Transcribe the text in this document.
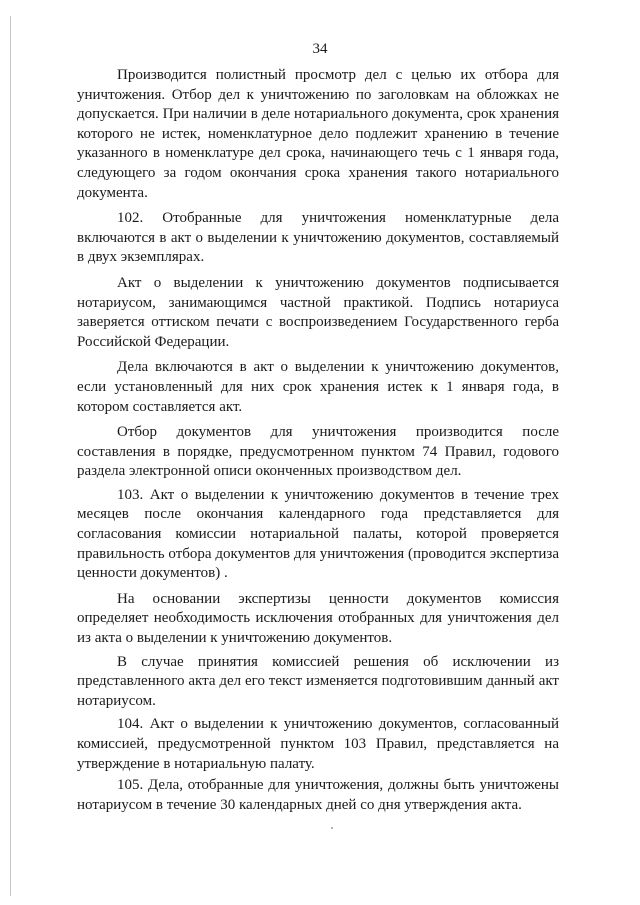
34

Производится полистный просмотр дел с целью их отбора для уничтожения. Отбор дел к уничтожению по заголовкам на обложках не допускается. При наличии в деле нотариального документа, срок хранения которого не истек, номенклатурное дело подлежит хранению в течение указанного в номенклатуре дел срока, начинающего течь с 1 января года, следующего за годом окончания срока хранения такого нотариального документа.

102. Отобранные для уничтожения номенклатурные дела включаются в акт о выделении к уничтожению документов, составляемый в двух экземплярах.

Акт о выделении к уничтожению документов подписывается нотариусом, занимающимся частной практикой. Подпись нотариуса заверяется оттиском печати с воспроизведением Государственного герба Российской Федерации.

Дела включаются в акт о выделении к уничтожению документов, если установленный для них срок хранения истек к 1 января года, в котором составляется акт.

Отбор документов для уничтожения производится после составления в порядке, предусмотренном пунктом 74 Правил, годового раздела электронной описи оконченных производством дел.

103. Акт о выделении к уничтожению документов в течение трех месяцев после окончания календарного года представляется для согласования комиссии нотариальной палаты, которой проверяется правильность отбора документов для уничтожения (проводится экспертиза ценности документов) .

На основании экспертизы ценности документов комиссия определяет необходимость исключения отобранных для уничтожения дел из акта о выделении к уничтожению документов.

В случае принятия комиссией решения об исключении из представленного акта дел его текст изменяется подготовившим данный акт нотариусом.

104. Акт о выделении к уничтожению документов, согласованный комиссией, предусмотренной пунктом 103 Правил, представляется на утверждение в нотариальную палату.

105. Дела, отобранные для уничтожения, должны быть уничтожены нотариусом в течение 30 календарных дней со дня утверждения акта.
